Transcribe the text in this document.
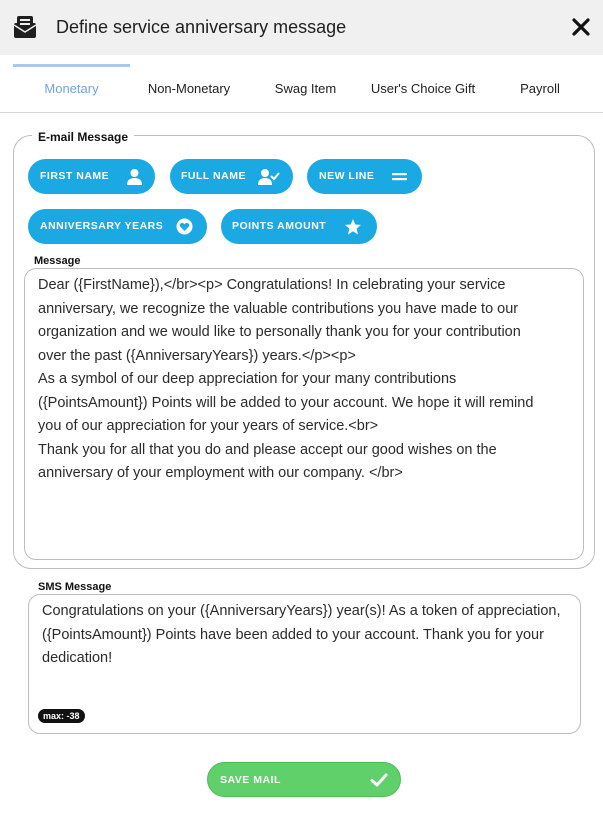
Define service anniversary message
Monetary	Non-Monetary	Swag Item	User's Choice Gift	Payroll
E-mail Message
FIRST NAME	FULL NAME	NEW LINE
ANNIVERSARY YEARS	POINTS AMOUNT
Dear ({FirstName}),</br><p> Congratulations! In celebrating your service
anniversary, we recognize the valuable contributions you have made to our
organization and we would like to personally thank you for your contribution
over the past ({AnniversaryYears}) years.</p><p>
As a symbol of our deep appreciation for your many contributions
({PointsAmount}) Points will be added to your account. We hope it will remind
you of our appreciation for your years of service.<br>
Thank you for all that you do and please accept our good wishes on the
anniversary of your employment with our company. </br>
Message
Congratulations on your ({AnniversaryYears}) year(s)! As a token of appreciation,
({PointsAmount}) Points have been added to your account. Thank you for your
dedication!
SMS Message
max: -38
SAVE MAIL
